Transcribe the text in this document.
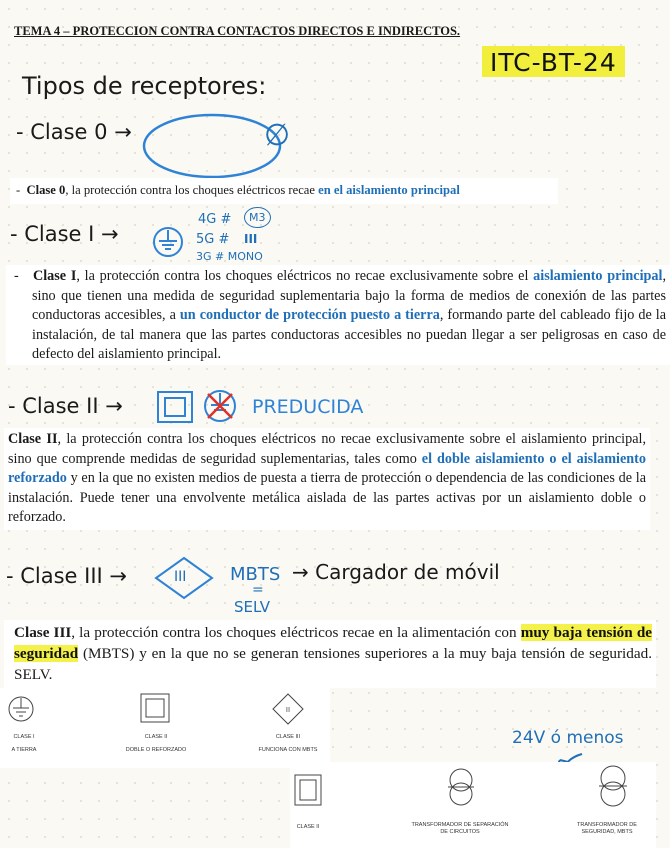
TEMA 4 – PROTECCION CONTRA CONTACTOS DIRECTOS E INDIRECTOS.
ITC-BT-24
Tipos de receptores:
- Clase 0 →	∅
- Clase 0, la protección contra los choques eléctricos recae en el aislamiento principal
- Clase I →
4G #	M3
5G # III
3G # MONO
- Clase I, la protección contra los choques eléctricos no recae exclusivamente sobre el aislamiento principal, sino que tienen una medida de seguridad suplementaria bajo la forma de medios de conexión de las partes conductoras accesibles, a un conductor de protección puesto a tierra, formando parte del cableado fijo de la instalación, de tal manera que las partes conductoras accesibles no puedan llegar a ser peligrosas en caso de defecto del aislamiento principal.
- Clase II →	PREDUCIDA
Clase II, la protección contra los choques eléctricos no recae exclusivamente sobre el aislamiento principal, sino que comprende medidas de seguridad suplementarias, tales como el doble aislamiento o el aislamiento reforzado y en la que no existen medios de puesta a tierra de protección o dependencia de las condiciones de la instalación. Puede tener una envolvente metálica aislada de las partes activas por un aislamiento doble o reforzado.
- Clase III →	III MBTS
=
SELV
→ Cargador de móvil
Clase III, la protección contra los choques eléctricos recae en la alimentación con muy baja tensión de seguridad (MBTS) y en la que no se generan tensiones superiores a la muy baja tensión de seguridad. SELV.
II
CLASE I
A TIERRA
CLASE II
DOBLE O REFORZADO
CLASE III
FUNCIONA CON MBTS
24V ó menos
CLASE II	TRANSFORMADOR DE SEPARACIÓN DE CIRCUITOS
TRANSFORMADOR DE SEGURIDAD, MBTS
